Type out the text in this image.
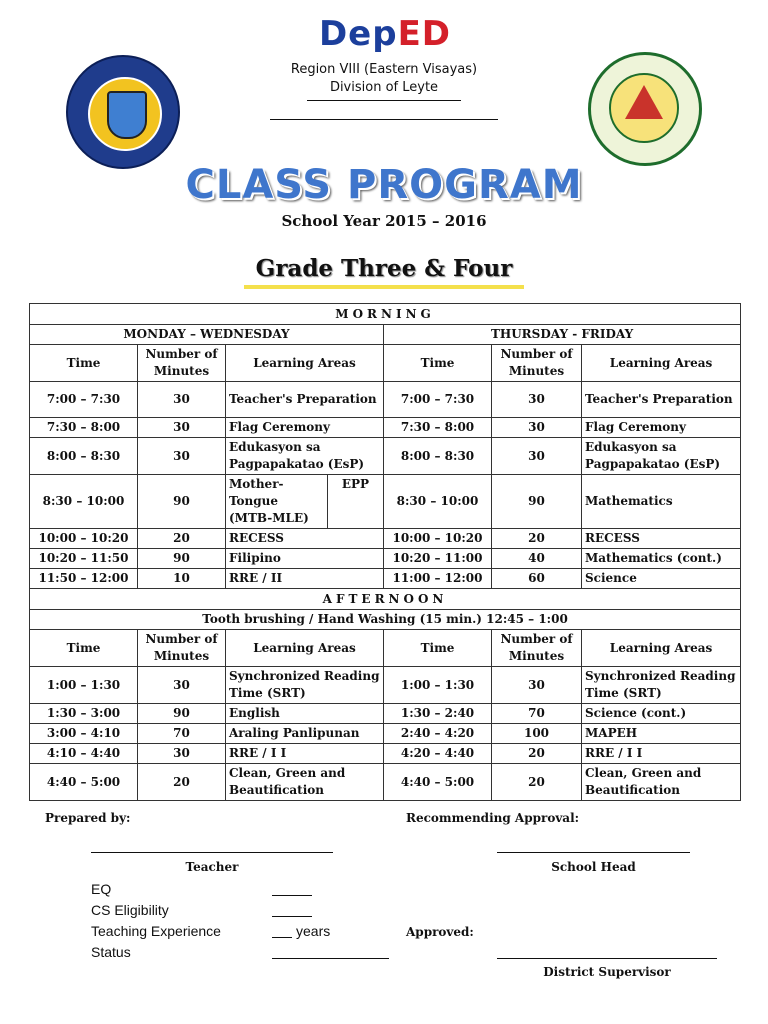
DepED
Region VIII (Eastern Visayas)
Division of Leyte
CLASS PROGRAM
School Year 2015 – 2016
Grade Three & Four
MORNING						
MONDAY – WEDNESDAY				THURSDAY - FRIDAY		
Time	Number of Minutes	Learning Areas		Time	Number of Minutes	Learning Areas
7:00 – 7:30	30	Teacher's Preparation		7:00 – 7:30	30	Teacher's Preparation
7:30 – 8:00	30	Flag Ceremony		7:30 – 8:00	30	Flag Ceremony
8:00 – 8:30	30	Edukasyon sa Pagpapakatao (EsP)		8:00 – 8:30	30	Edukasyon sa Pagpapakatao (EsP)
8:30 – 10:00	90	Mother-Tongue (MTB-MLE)	EPP	8:30 – 10:00	90	Mathematics
10:00 – 10:20	20	RECESS		10:00 – 10:20	20	RECESS
10:20 – 11:50	90	Filipino		10:20 – 11:00	40	Mathematics (cont.)
11:50 – 12:00	10	RRE / II		11:00 – 12:00	60	Science
AFTERNOON						
Tooth brushing / Hand Washing (15 min.) 12:45 – 1:00						
Time	Number of Minutes	Learning Areas		Time	Number of Minutes	Learning Areas
1:00 – 1:30	30	Synchronized Reading Time (SRT)		1:00 – 1:30	30	Synchronized Reading Time (SRT)
1:30 – 3:00	90	English		1:30 – 2:40	70	Science (cont.)
3:00 – 4:10	70	Araling Panlipunan		2:40 – 4:20	100	MAPEH
4:10 – 4:40	30	RRE / I I		4:20 – 4:40	20	RRE / I I
4:40 – 5:00	20	Clean, Green and Beautification		4:40 – 5:00	20	Clean, Green and Beautification
Prepared by:	Recommending Approval:
Teacher	School Head
EQ
CS Eligibility
Teaching Experience	years	Approved:
Status
District Supervisor
